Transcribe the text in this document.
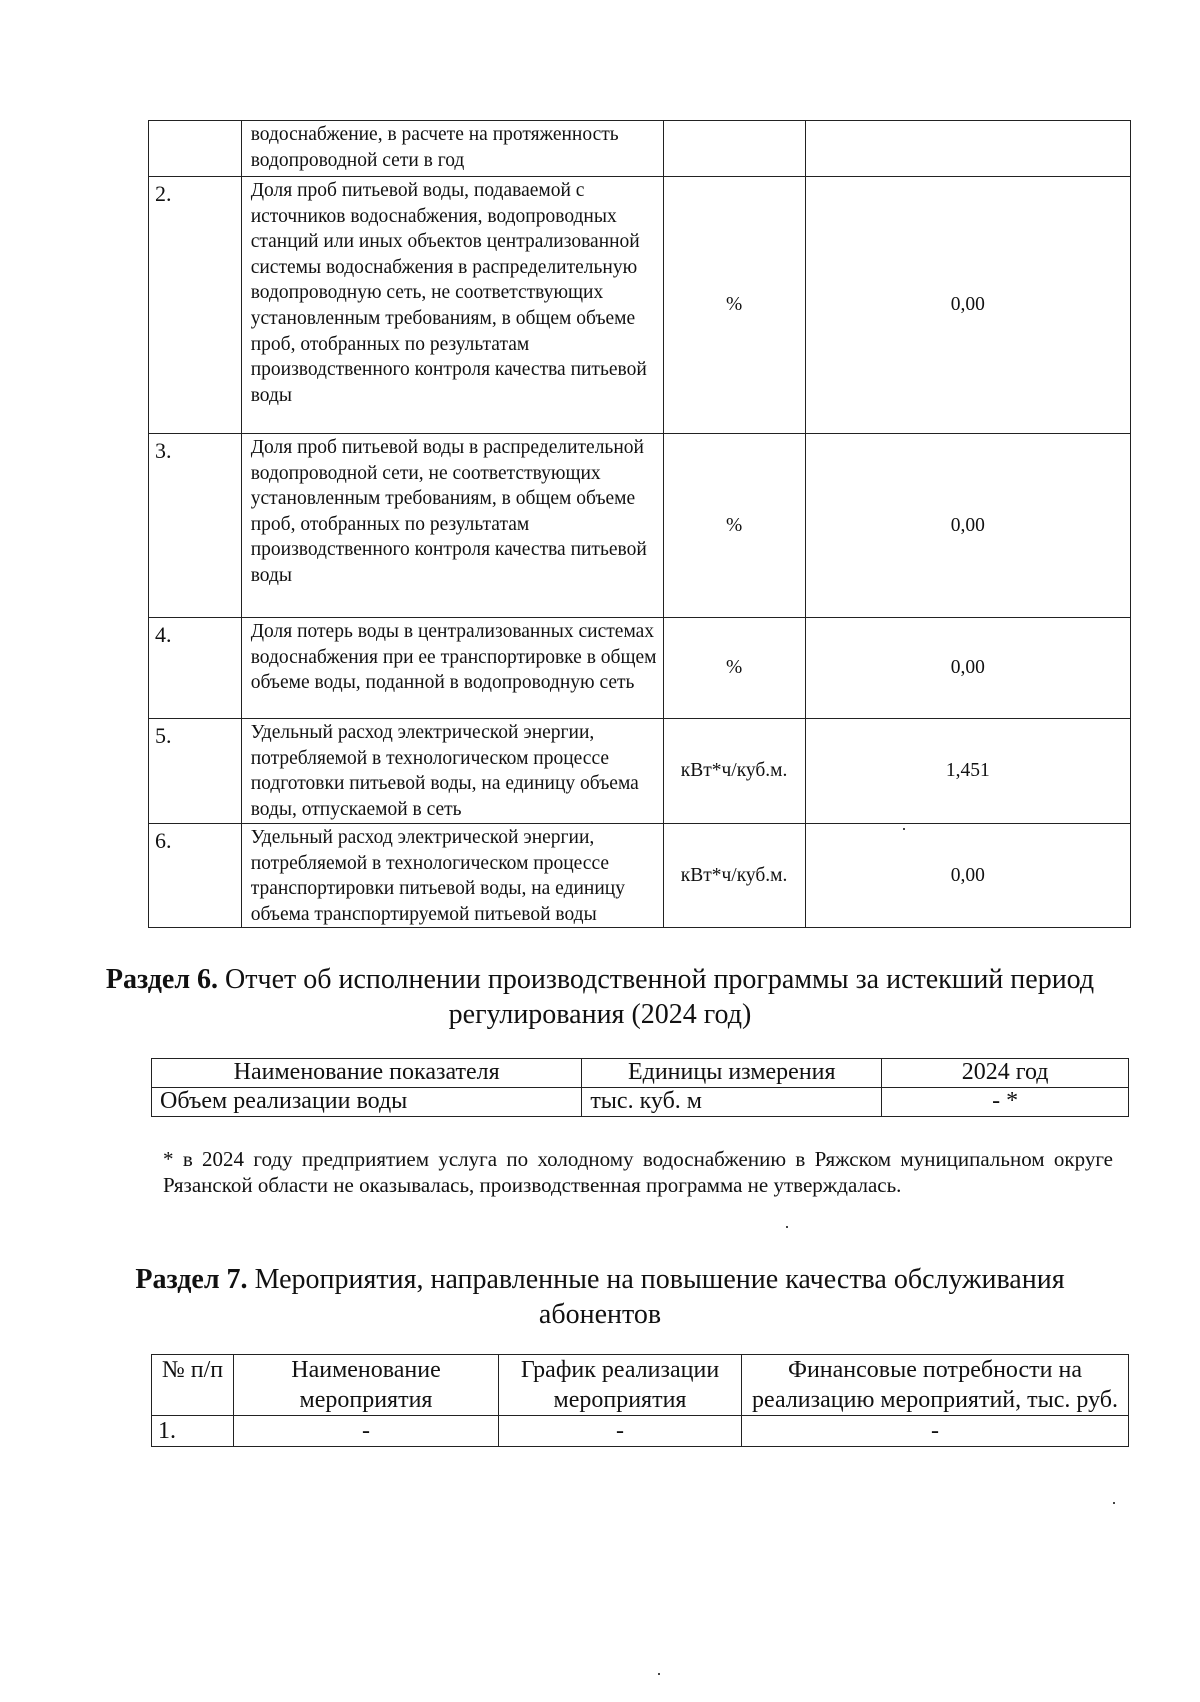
	водоснабжение, в расчете на протяженность водопроводной сети в год		
2.	Доля проб питьевой воды, подаваемой с источников водоснабжения, водопроводных станций или иных объектов централизованной системы водоснабжения в распределительную водопроводную сеть, не соответствующих установленным требованиям, в общем объеме проб, отобранных по результатам производственного контроля качества питьевой воды	%	0,00
3.	Доля проб питьевой воды в распределительной водопроводной сети, не соответствующих установленным требованиям, в общем объеме проб, отобранных по результатам производственного контроля качества питьевой воды	%	0,00
4.	Доля потерь воды в централизованных системах водоснабжения при ее транспортировке в общем объеме воды, поданной в водопроводную сеть	%	0,00
5.	Удельный расход электрической энергии, потребляемой в технологическом процессе подготовки питьевой воды, на единицу объема воды, отпускаемой в сеть	кВт*ч/куб.м.	1,451
6.	Удельный расход электрической энергии, потребляемой в технологическом процессе транспортировки питьевой воды, на единицу объема транспортируемой питьевой воды	кВт*ч/куб.м.	0,00
Раздел 6. Отчет об исполнении производственной программы за истекший период регулирования (2024 год)
Наименование показателя	Единицы измерения	2024 год
Объем реализации воды	тыс. куб. м	- *
* в 2024 году предприятием услуга по холодному водоснабжению в Ряжском муниципальном округе Рязанской области не оказывалась, производственная программа не утверждалась.
Раздел 7. Мероприятия, направленные на повышение качества обслуживания абонентов
№ п/п	Наименование мероприятия	График реализации мероприятия	Финансовые потребности на реализацию мероприятий, тыс. руб.
1.	-	-	-
